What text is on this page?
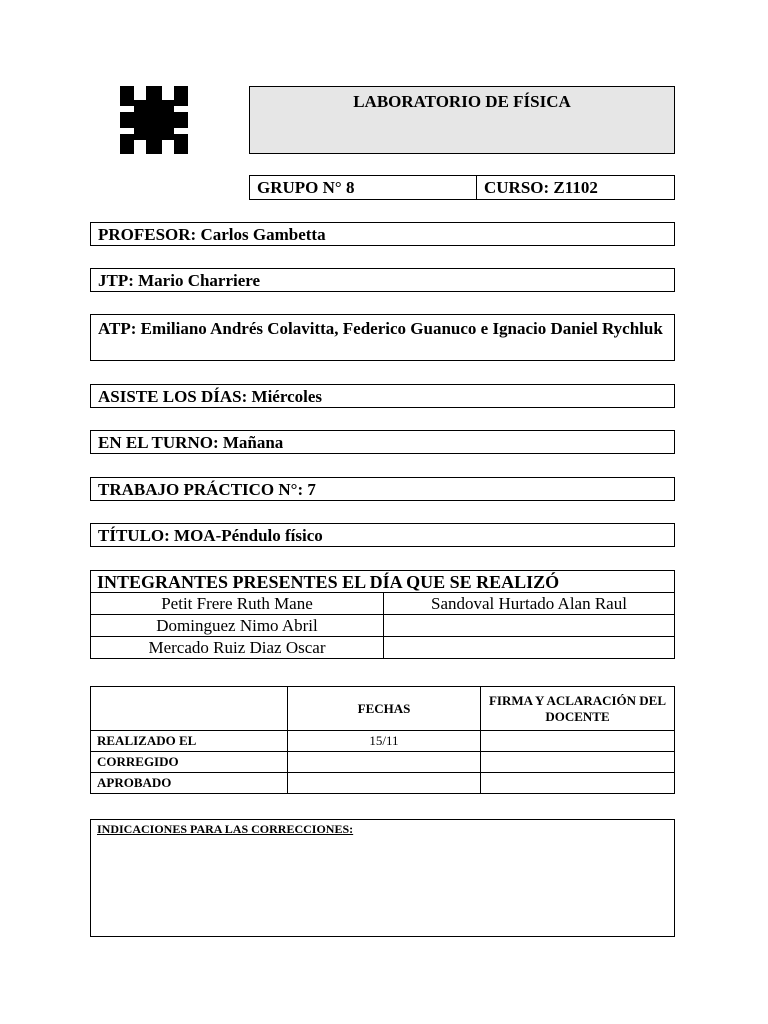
LABORATORIO DE FÍSICA
GRUPO N° 8	CURSO: Z1102
PROFESOR: Carlos Gambetta
JTP: Mario Charriere
ATP: Emiliano Andrés Colavitta, Federico Guanuco e Ignacio Daniel Rychluk
ASISTE LOS DÍAS: Miércoles
EN EL TURNO: Mañana
TRABAJO PRÁCTICO N°: 7
TÍTULO: MOA-Péndulo físico
INTEGRANTES PRESENTES EL DÍA QUE SE REALIZÓ	
Petit Frere Ruth Mane	Sandoval Hurtado Alan Raul
Dominguez Nimo Abril	
Mercado Ruiz Diaz Oscar	
	FECHAS	FIRMA Y ACLARACIÓN DEL DOCENTE
REALIZADO EL	15/11	
CORREGIDO		
APROBADO		
INDICACIONES PARA LAS CORRECCIONES:
